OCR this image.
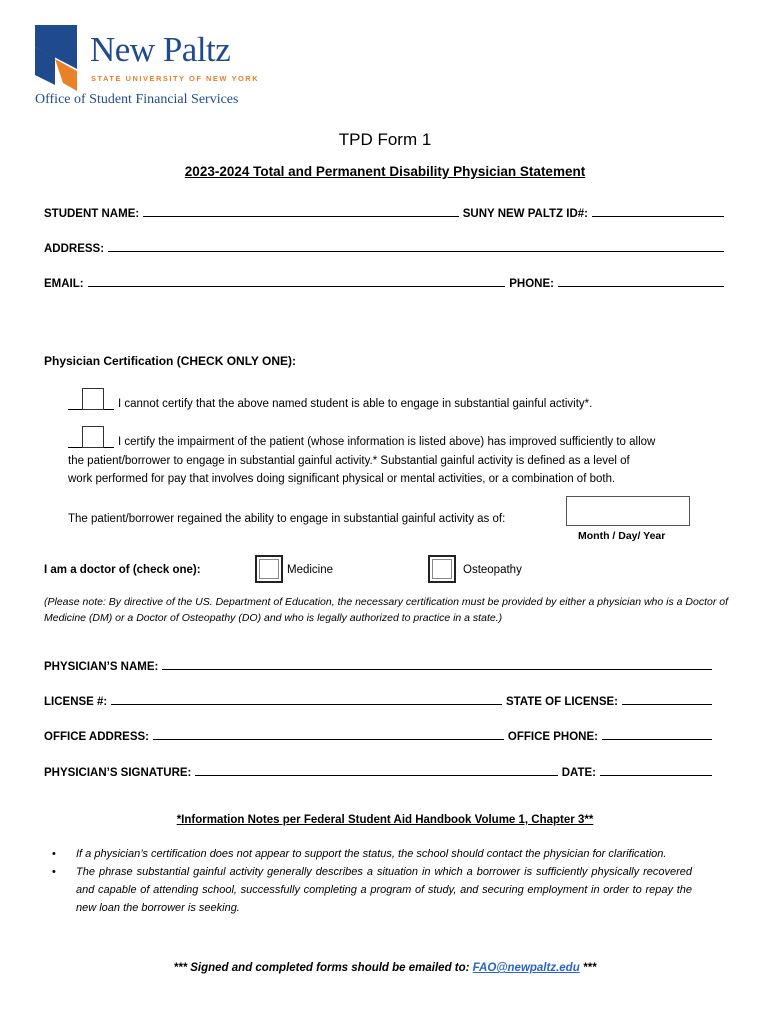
New Paltz
STATE UNIVERSITY OF NEW YORK
Office of Student Financial Services
TPD Form 1
2023-2024 Total and Permanent Disability Physician Statement
STUDENT NAME:	SUNY NEW PALTZ ID#:
ADDRESS:
EMAIL:	PHONE:
Physician Certification (CHECK ONLY ONE):
I cannot certify that the above named student is able to engage in substantial gainful activity*.
I certify the impairment of the patient (whose information is listed above) has improved sufficiently to allow
the patient/borrower to engage in substantial gainful activity.* Substantial gainful activity is defined as a level of
work performed for pay that involves doing significant physical or mental activities, or a combination of both.
The patient/borrower regained the ability to engage in substantial gainful activity as of:
Month / Day/ Year
I am a doctor of (check one):	Medicine	Osteopathy
(Please note: By directive of the US. Department of Education, the necessary certification must be provided by either a physician who is a Doctor of Medicine (DM) or a Doctor of Osteopathy (DO) and who is legally authorized to practice in a state.)
PHYSICIAN’S NAME:
LICENSE #:	STATE OF LICENSE:
OFFICE ADDRESS:	OFFICE PHONE:
PHYSICIAN’S SIGNATURE:	DATE:
*Information Notes per Federal Student Aid Handbook Volume 1, Chapter 3**
•	If a physician’s certification does not appear to support the status, the school should contact the physician for clarification.
•	The phrase substantial gainful activity generally describes a situation in which a borrower is sufficiently physically recovered and capable of attending school, successfully completing a program of study, and securing employment in order to repay the new loan the borrower is seeking.
*** Signed and completed forms should be emailed to: FAO@newpaltz.edu ***
